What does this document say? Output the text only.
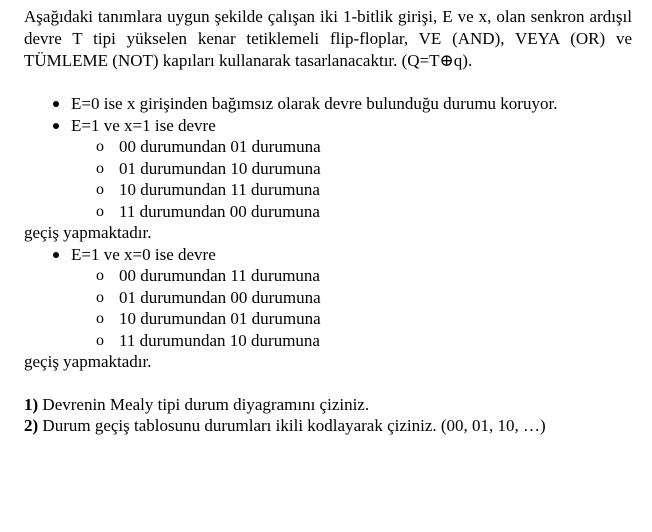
Aşağıdaki tanımlara uygun şekilde çalışan iki 1-bitlik girişi, E ve x, olan senkron ardışıl devre T tipi yükselen kenar tetiklemeli flip-floplar, VE (AND), VEYA (OR) ve TÜMLEME (NOT) kapıları kullanarak tasarlanacaktır. (Q=T⊕q).

E=0 ise x girişinden bağımsız olarak devre bulunduğu durumu koruyor.
E=1 ve x=1 ise devre
o 00 durumundan 01 durumuna
o 01 durumundan 10 durumuna
o 10 durumundan 11 durumuna
o 11 durumundan 00 durumuna
geçiş yapmaktadır.
E=1 ve x=0 ise devre
o 00 durumundan 11 durumuna
o 01 durumundan 00 durumuna
o 10 durumundan 01 durumuna
o 11 durumundan 10 durumuna
geçiş yapmaktadır.
1) Devrenin Mealy tipi durum diyagramını çiziniz.
2) Durum geçiş tablosunu durumları ikili kodlayarak çiziniz. (00, 01, 10, …)
